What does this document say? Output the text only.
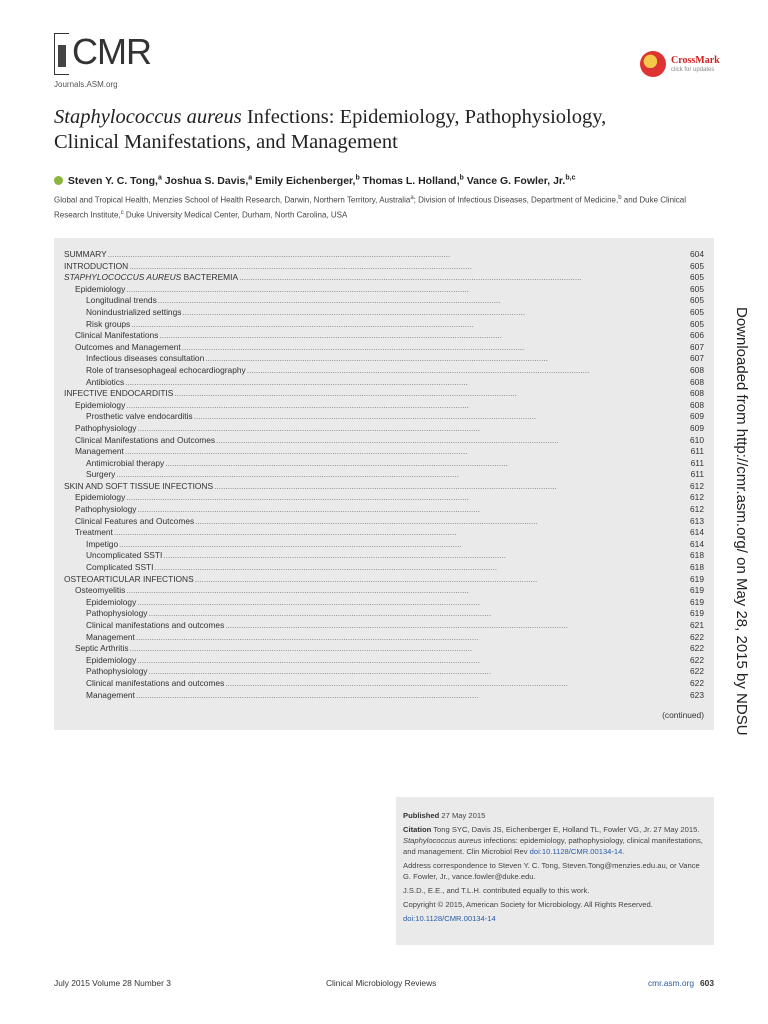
CMR
Journals.ASM.org
CrossMark
click for updates
Staphylococcus aureus Infections: Epidemiology, Pathophysiology,
Clinical Manifestations, and Management
Steven Y. C. Tong,$^a$ Joshua S. Davis,$^a$ Emily Eichenberger,$^b$ Thomas L. Holland,$^b$ Vance G. Fowler, Jr.$^{b,c}$
Global and Tropical Health, Menzies School of Health Research, Darwin, Northern Territory, Australia$^a$; Division of Infectious Diseases, Department of Medicine,$^b$ and Duke Clinical Research Institute,$^c$ Duke University Medical Center, Durham, North Carolina, USA
SUMMARY . . .	604
INTRODUCTION . . .	605
STAPHYLOCOCCUS AUREUS BACTEREMIA . . .	605
Epidemiology . . .	605
Longitudinal trends . . .	605
Nonindustrialized settings . . .	605
Risk groups . . .	605
Clinical Manifestations . . .	606
Outcomes and Management . . .	607
Infectious diseases consultation . . .	607
Role of transesophageal echocardiography . . .	608
Antibiotics . . .	608
INFECTIVE ENDOCARDITIS . . .	608
Epidemiology . . .	608
Prosthetic valve endocarditis . . .	609
Pathophysiology . . .	609
Clinical Manifestations and Outcomes . . .	610
Management . . .	611
Antimicrobial therapy . . .	611
Surgery . . .	611
SKIN AND SOFT TISSUE INFECTIONS . . .	612
Epidemiology . . .	612
Pathophysiology . . .	612
Clinical Features and Outcomes . . .	613
Treatment . . .	614
Impetigo . . .	614
Uncomplicated SSTI . . .	618
Complicated SSTI . . .	618
OSTEOARTICULAR INFECTIONS . . .	619
Osteomyelitis . . .	619
Epidemiology . . .	619
Pathophysiology . . .	619
Clinical manifestations and outcomes . . .	621
Management . . .	622
Septic Arthritis . . .	622
Epidemiology . . .	622
Pathophysiology . . .	622
Clinical manifestations and outcomes . . .	622
Management . . .	623
(continued) Downloaded from http://cmr.asm.org/ on May 28, 2015 by NDSU

Published 27 May 2015

Citation Tong SYC, Davis JS, Eichenberger E, Holland TL, Fowler VG, Jr. 27 May 2015. Staphylococcus aureus infections: epidemiology, pathophysiology, clinical manifestations, and management. Clin Microbiol Rev doi:10.1128/CMR.00134-14.

Address correspondence to Steven Y. C. Tong, Steven.Tong@menzies.edu.au, or Vance G. Fowler, Jr., vance.fowler@duke.edu.

J.S.D., E.E., and T.L.H. contributed equally to this work.

Copyright © 2015, American Society for Microbiology. All Rights Reserved.

doi:10.1128/CMR.00134-14

July 2015 Volume 28 Number 3	Clinical Microbiology Reviews	cmr.asm.org 603
